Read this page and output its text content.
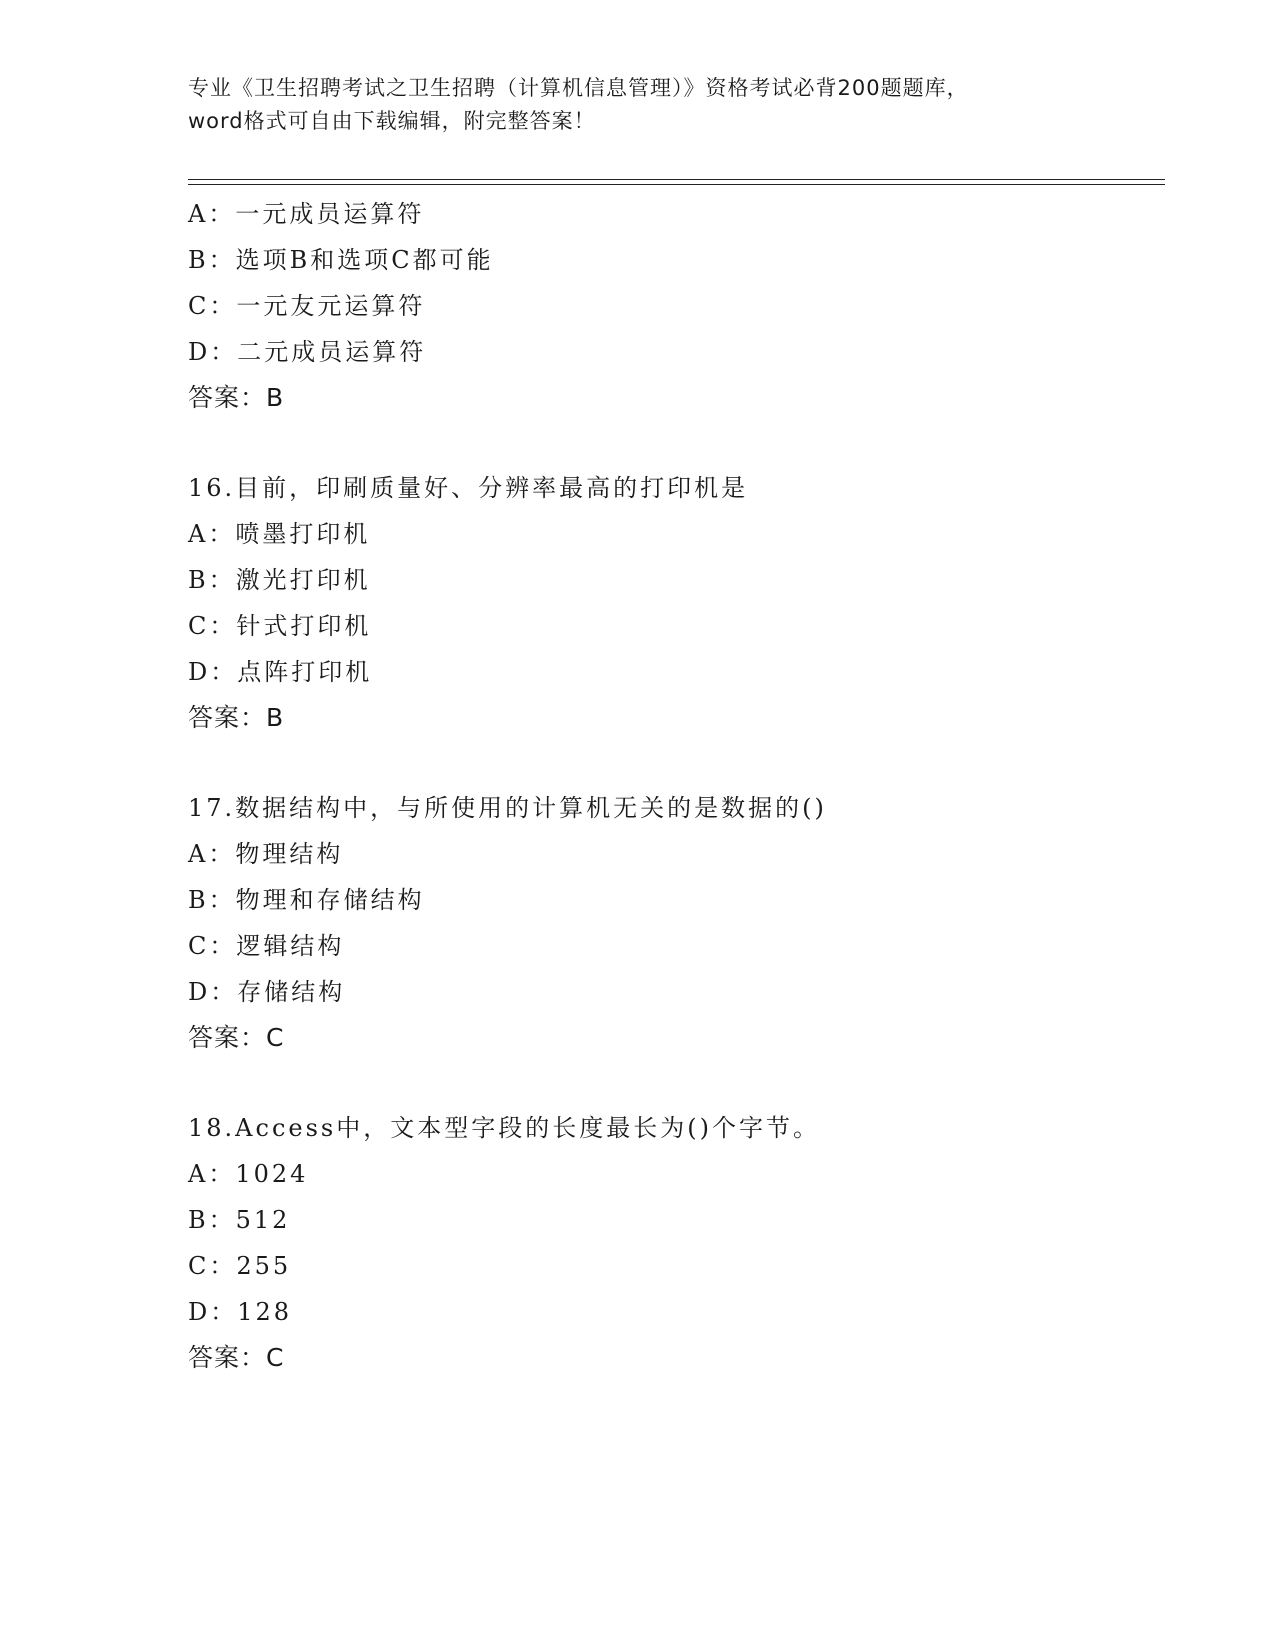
专业《卫生招聘考试之卫生招聘（计算机信息管理）》资格考试必背200题题库，
word格式可自由下载编辑，附完整答案！
A：一元成员运算符
B：选项B和选项C都可能
C：一元友元运算符
D：二元成员运算符
答案：B
16.目前，印刷质量好、分辨率最高的打印机是
A：喷墨打印机
B：激光打印机
C：针式打印机
D：点阵打印机
答案：B
17.数据结构中，与所使用的计算机无关的是数据的()
A：物理结构
B：物理和存储结构
C：逻辑结构
D：存储结构
答案：C
18.Access中，文本型字段的长度最长为()个字节。
A：1024
B：512
C：255
D：128
答案：C
